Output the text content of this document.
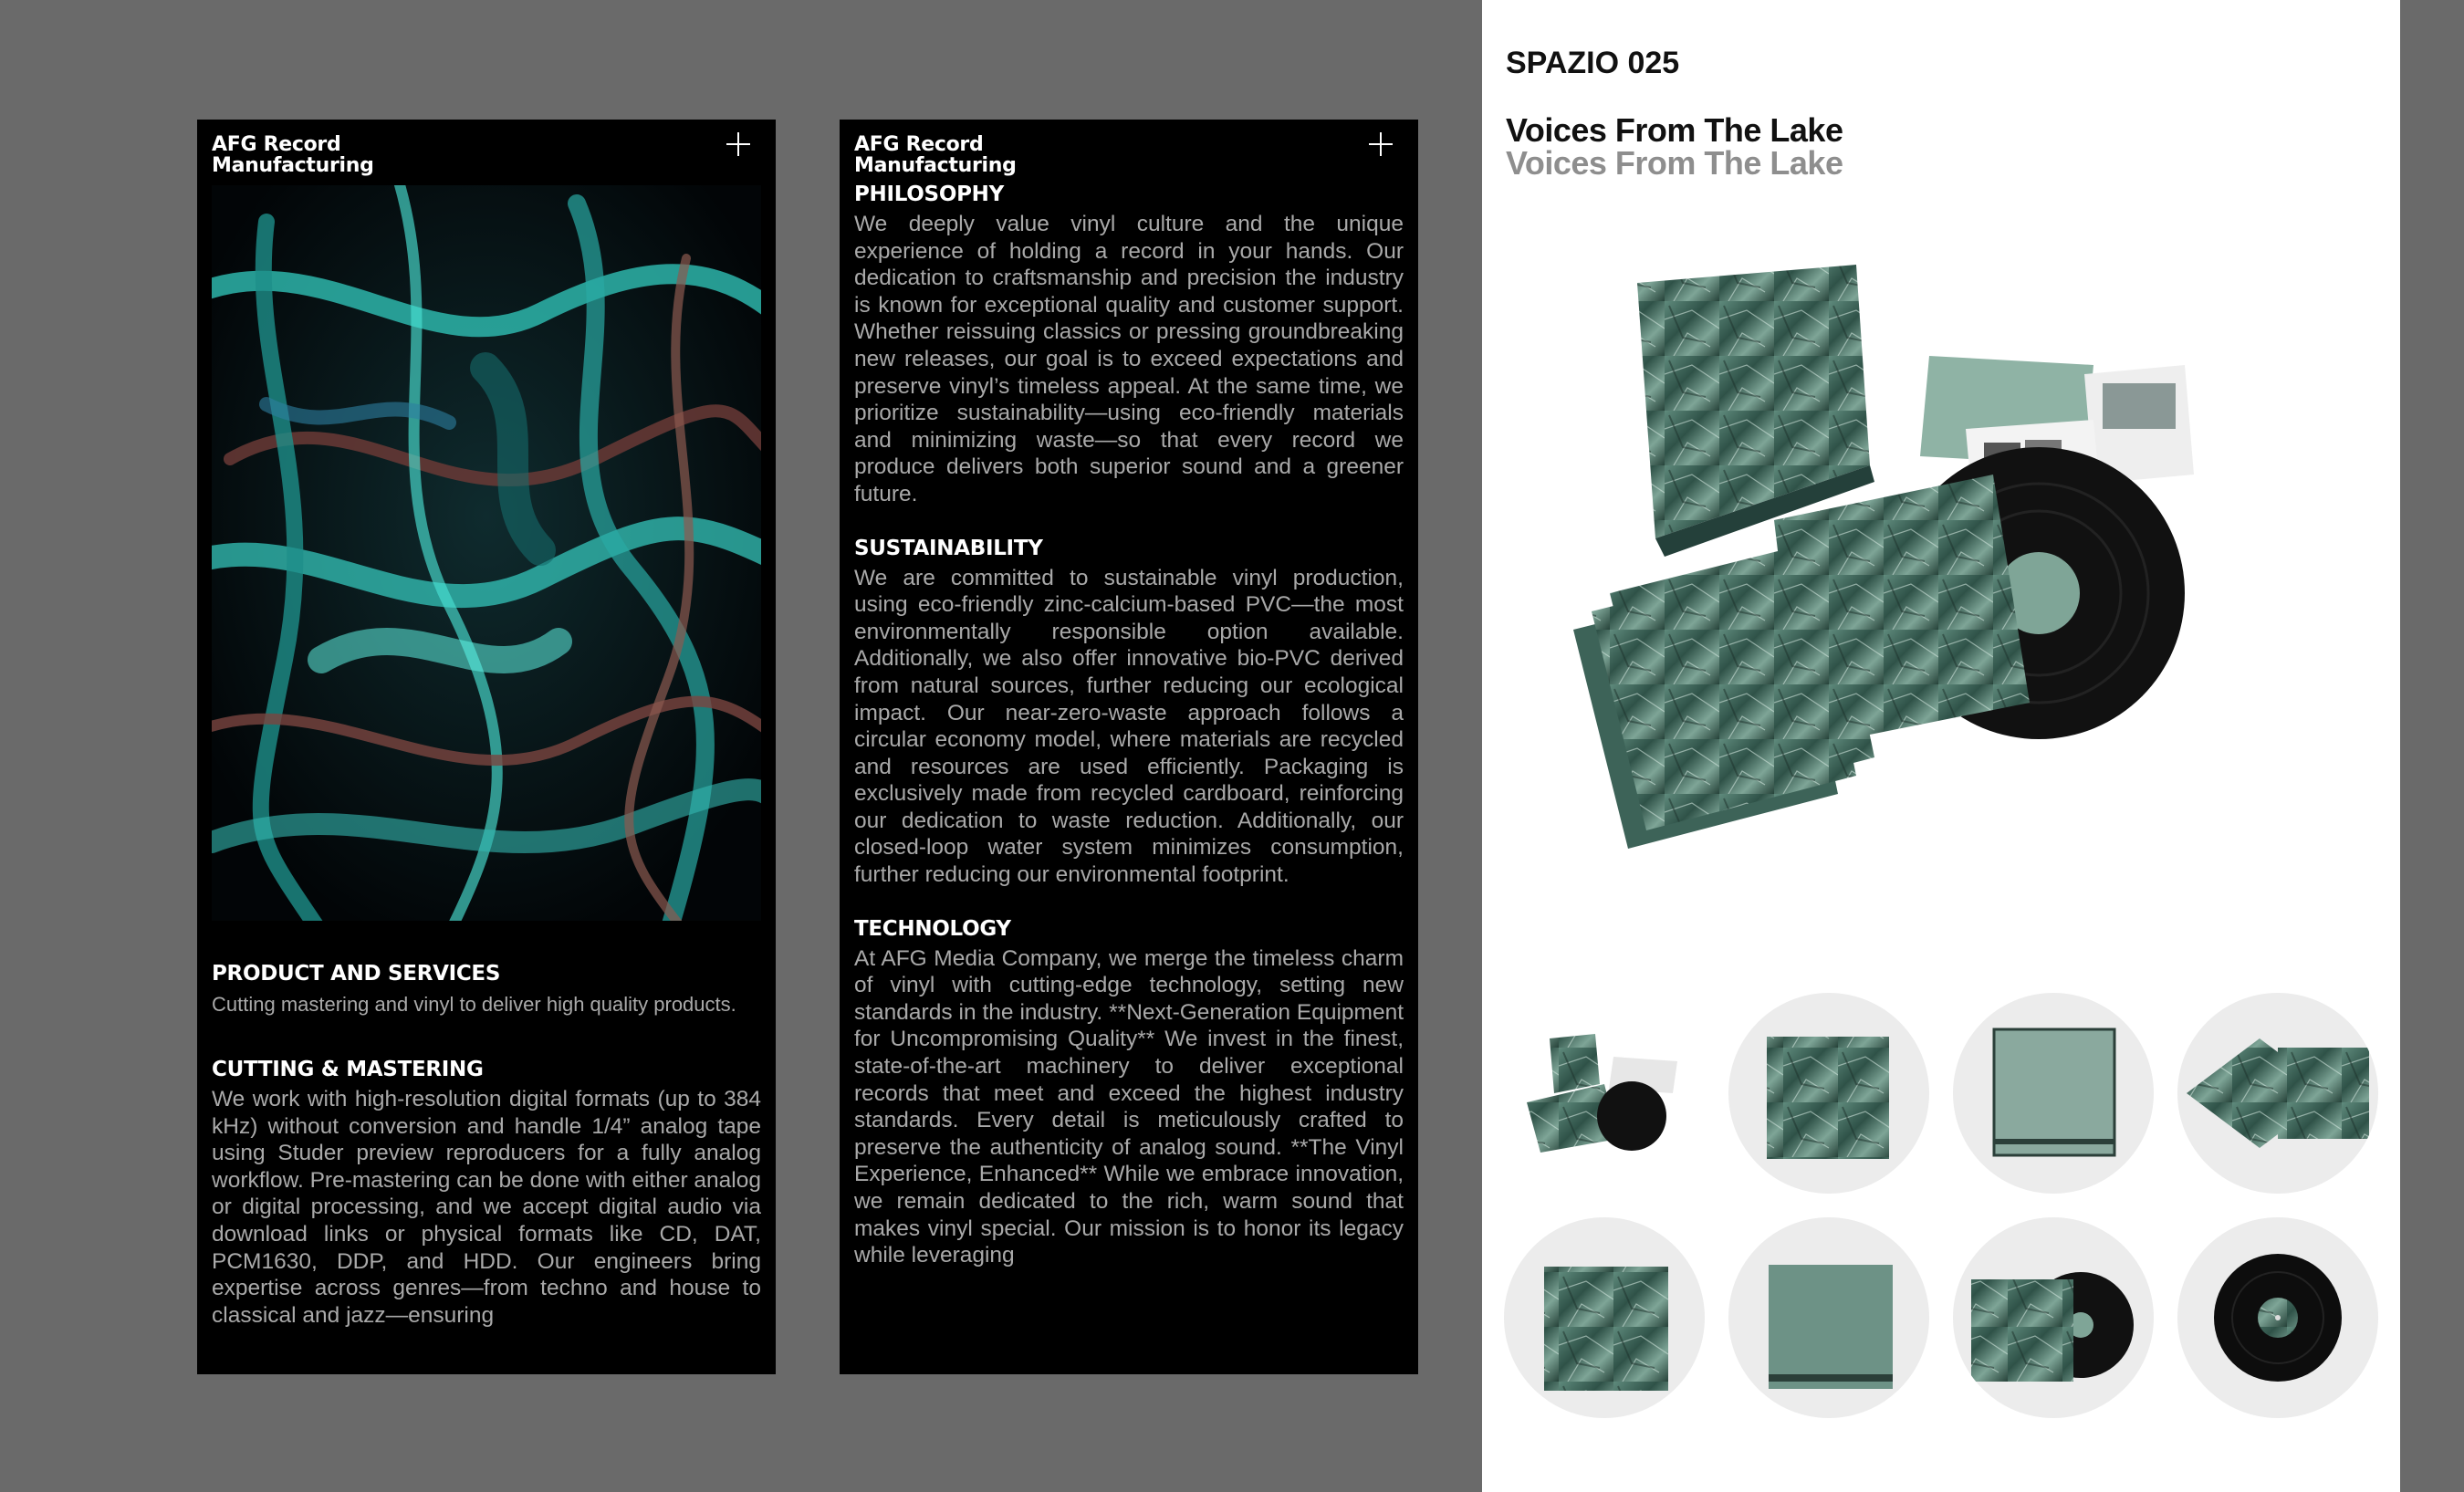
AFG Record
Manufacturing
PRODUCT AND SERVICES

Cutting mastering and vinyl to deliver high quality products.

CUTTING & MASTERING

We work with high-resolution digital formats (up to 384 kHz) without conversion and handle 1/4” analog tape using Studer preview reproducers for a fully analog workflow. Pre-mastering can be done with either analog or digital processing, and we accept digital audio via download links or physical formats like CD, DAT, PCM1630, DDP, and HDD. Our engineers bring expertise across genres—from techno and house to classical and jazz—ensuring

AFG Record
Manufacturing
PHILOSOPHY

We deeply value vinyl culture and the unique experience of holding a record in your hands. Our dedication to craftsmanship and precision the industry is known for exceptional quality and customer support. Whether reissuing classics or pressing groundbreaking new releases, our goal is to exceed expectations and preserve vinyl’s timeless appeal. At the same time, we prioritize sustainability—using eco-friendly materials and minimizing waste—so that every record we produce delivers both superior sound and a greener future.

SUSTAINABILITY

We are committed to sustainable vinyl production, using eco-friendly zinc-calcium-based PVC—the most environmentally responsible option available. Additionally, we also offer innovative bio-PVC derived from natural sources, further reducing our ecological impact. Our near-zero-waste approach follows a circular economy model, where materials are recycled and resources are used efficiently. Packaging is exclusively made from recycled cardboard, reinforcing our dedication to waste reduction. Additionally, our closed-loop water system minimizes consumption, further reducing our environmental footprint.

TECHNOLOGY

At AFG Media Company, we merge the timeless charm of vinyl with cutting-edge technology, setting new standards in the industry. **Next-Generation Equipment for Uncompromising Quality** We invest in the finest, state-of-the-art machinery to deliver exceptional records that meet and exceed the highest industry standards. Every detail is meticulously crafted to preserve the authenticity of analog sound. **The Vinyl Experience, Enhanced** While we embrace innovation, we remain dedicated to the rich, warm sound that makes vinyl special. Our mission is to honor its legacy while leveraging

SPAZIO 025
Voices From The Lake
Voices From The Lake
